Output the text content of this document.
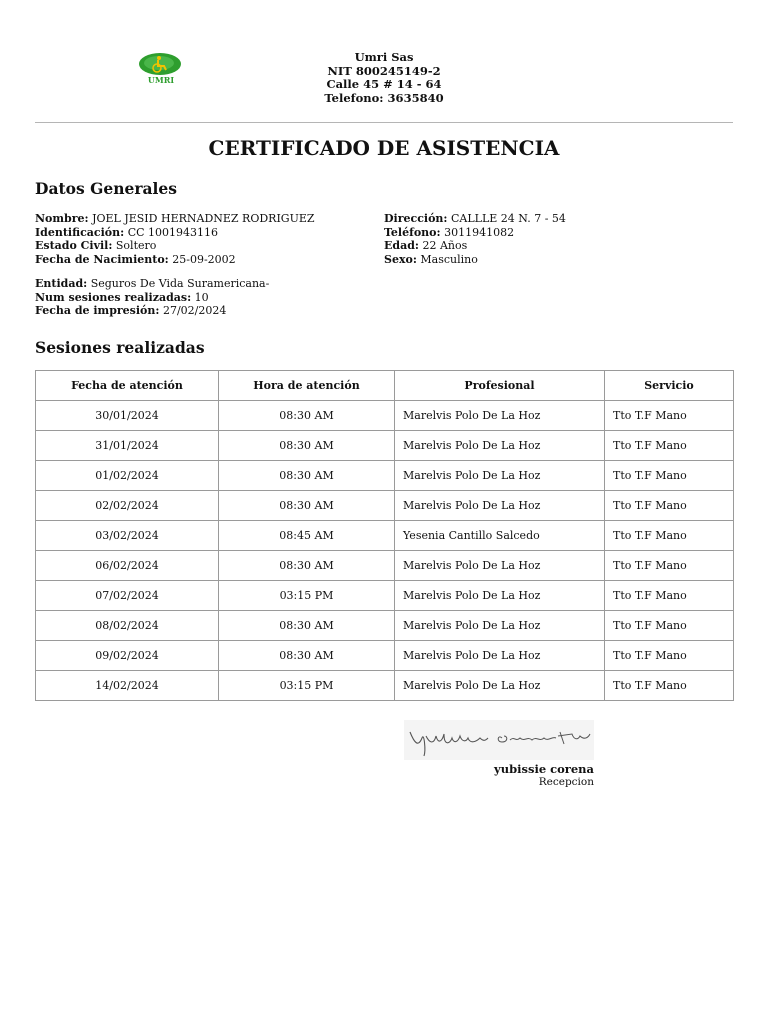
UMRI
Umri Sas
NIT 800245149-2
Calle 45 # 14 - 64
Telefono: 3635840
CERTIFICADO DE ASISTENCIA
Datos Generales
Nombre: JOEL JESID HERNADNEZ RODRIGUEZ
Identificación: CC 1001943116
Estado Civil: Soltero
Fecha de Nacimiento: 25-09-2002
Dirección: CALLLE 24 N. 7 - 54
Teléfono: 3011941082
Edad: 22 Años
Sexo: Masculino
Entidad: Seguros De Vida Suramericana-
Num sesiones realizadas: 10
Fecha de impresión: 27/02/2024
Sesiones realizadas
Fecha de atención	Hora de atención	Profesional	Servicio
30/01/2024	08:30 AM	Marelvis Polo De La Hoz	Tto T.F Mano
31/01/2024	08:30 AM	Marelvis Polo De La Hoz	Tto T.F Mano
01/02/2024	08:30 AM	Marelvis Polo De La Hoz	Tto T.F Mano
02/02/2024	08:30 AM	Marelvis Polo De La Hoz	Tto T.F Mano
03/02/2024	08:45 AM	Yesenia Cantillo Salcedo	Tto T.F Mano
06/02/2024	08:30 AM	Marelvis Polo De La Hoz	Tto T.F Mano
07/02/2024	03:15 PM	Marelvis Polo De La Hoz	Tto T.F Mano
08/02/2024	08:30 AM	Marelvis Polo De La Hoz	Tto T.F Mano
09/02/2024	08:30 AM	Marelvis Polo De La Hoz	Tto T.F Mano
14/02/2024	03:15 PM	Marelvis Polo De La Hoz	Tto T.F Mano
yubissie corena
Recepcion
